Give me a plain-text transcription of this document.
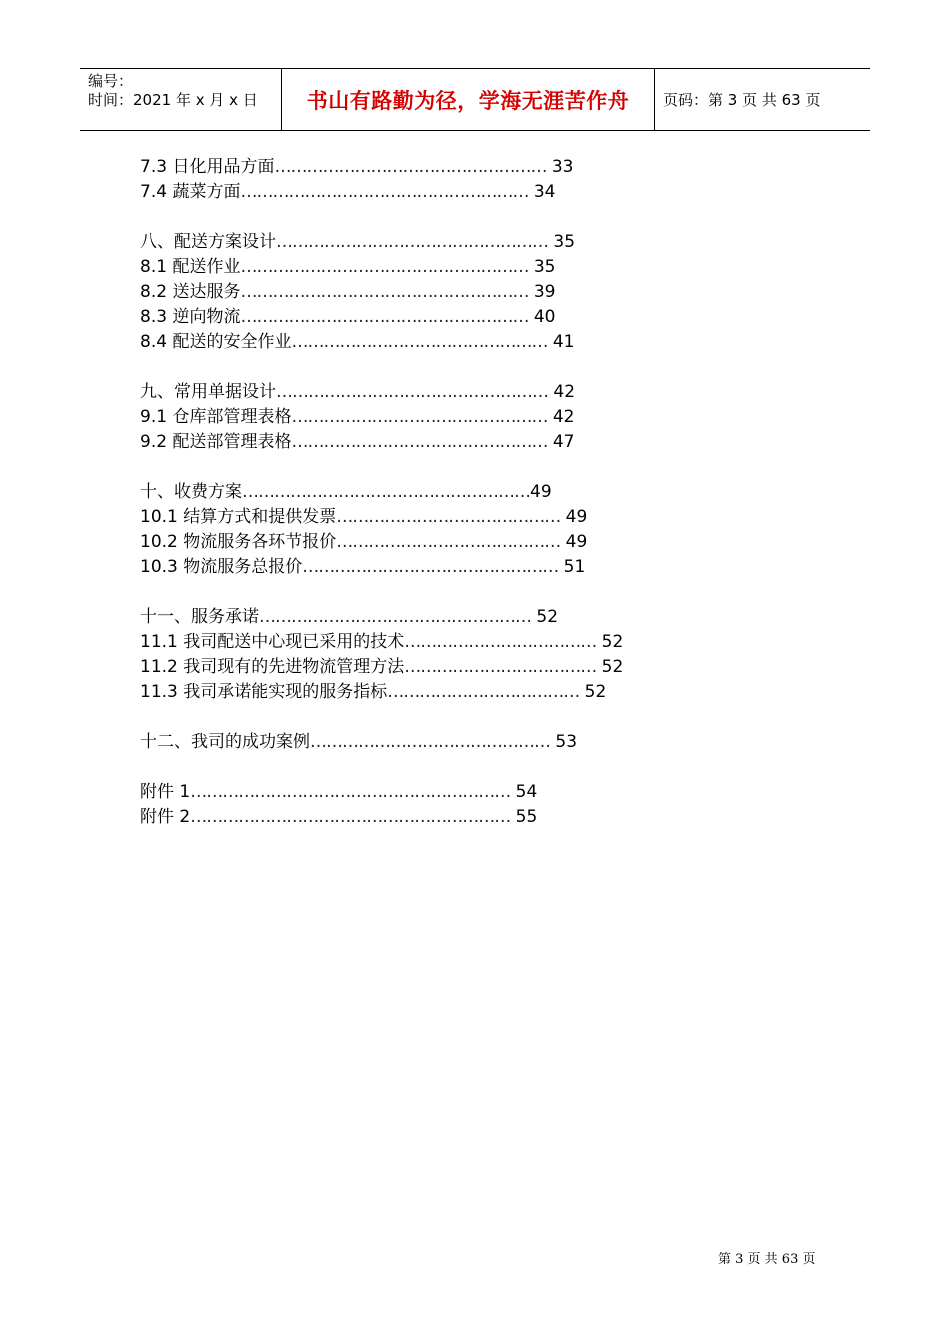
编号：
时间：2021 年 x 月 x 日	书山有路勤为径，学海无涯苦作舟	页码：第 3 页 共 63 页
7.3 日化用品方面…………………………………………… 33
7.4 蔬菜方面……………………………………………… 34
八、配送方案设计…………………………………………… 35
8.1 配送作业……………………………………………… 35
8.2 送达服务……………………………………………… 39
8.3 逆向物流……………………………………………… 40
8.4 配送的安全作业………………………………………… 41
九、常用单据设计…………………………………………… 42
9.1 仓库部管理表格………………………………………… 42
9.2 配送部管理表格………………………………………… 47
十、收费方案………………………………………………49
10.1 结算方式和提供发票…………………………………… 49
10.2 物流服务各环节报价…………………………………… 49
10.3 物流服务总报价………………………………………… 51
十一、服务承诺…………………………………………… 52
11.1 我司配送中心现已采用的技术……………………………… 52
11.2 我司现有的先进物流管理方法……………………………… 52
11.3 我司承诺能实现的服务指标……………………………… 52
十二、我司的成功案例……………………………………… 53
附件 1…………………………………………………… 54
附件 2…………………………………………………… 55
第 3 页 共 63 页
